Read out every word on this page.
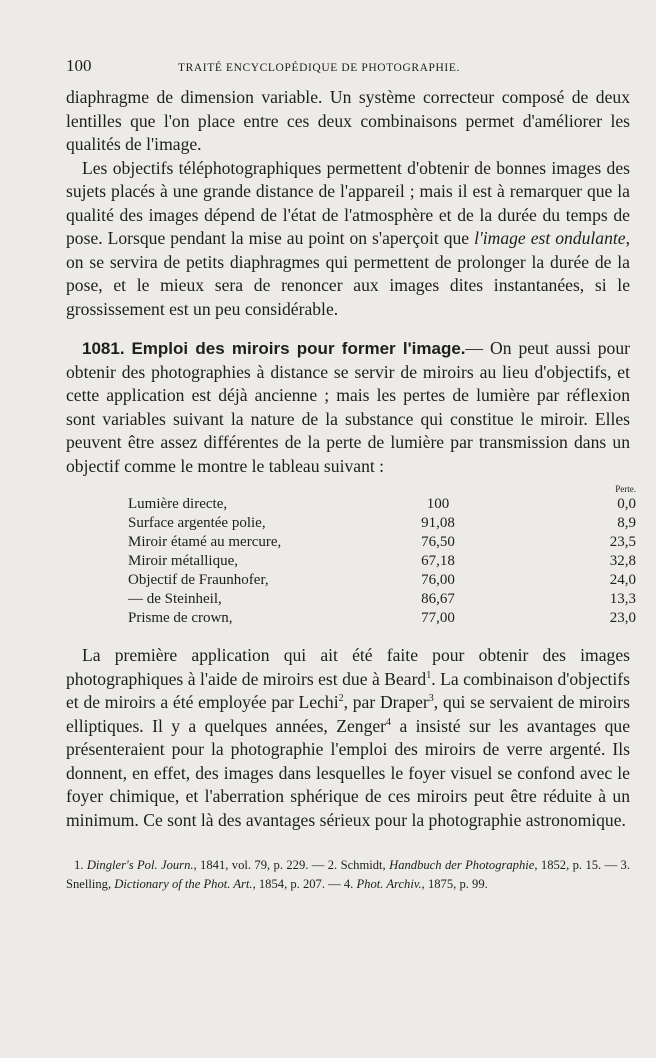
100	TRAITÉ ENCYCLOPÉDIQUE DE PHOTOGRAPHIE.

diaphragme de dimension variable. Un système correcteur composé de deux lentilles que l'on place entre ces deux combinaisons permet d'améliorer les qualités de l'image.

Les objectifs téléphotographiques permettent d'obtenir de bonnes images des sujets placés à une grande distance de l'appareil ; mais il est à remarquer que la qualité des images dépend de l'état de l'atmosphère et de la durée du temps de pose. Lorsque pendant la mise au point on s'aperçoit que l'image est ondulante, on se servira de petits diaphragmes qui permettent de prolonger la durée de la pose, et le mieux sera de renoncer aux images dites instantanées, si le grossissement est un peu considérable.

1081. Emploi des miroirs pour former l'image.— On peut aussi pour obtenir des photographies à distance se servir de miroirs au lieu d'objectifs, et cette application est déjà ancienne ; mais les pertes de lumière par réflexion sont variables suivant la nature de la substance qui constitue le miroir. Elles peuvent être assez différentes de la perte de lumière par transmission dans un objectif comme le montre le tableau suivant :

Perte.
Lumière directe,	100	0,0
Surface argentée polie,	91,08	8,9
Miroir étamé au mercure,	76,50	23,5
Miroir métallique,	67,18	32,8
Objectif de Fraunhofer,	76,00	24,0
— de Steinheil,	86,67	13,3
Prisme de crown,	77,00	23,0

La première application qui ait été faite pour obtenir des images photographiques à l'aide de miroirs est due à Beard$^1$. La combinaison d'objectifs et de miroirs a été employée par Lechi$^2$, par Draper$^3$, qui se servaient de miroirs elliptiques. Il y a quelques années, Zenger$^4$ a insisté sur les avantages que présenteraient pour la photographie l'emploi des miroirs de verre argenté. Ils donnent, en effet, des images dans lesquelles le foyer visuel se confond avec le foyer chimique, et l'aberration sphérique de ces miroirs peut être réduite à un minimum. Ce sont là des avantages sérieux pour la photographie astronomique.

1. Dingler's Pol. Journ., 1841, vol. 79, p. 229. — 2. Schmidt, Handbuch der Photographie, 1852, p. 15. — 3. Snelling, Dictionary of the Phot. Art., 1854, p. 207. — 4. Phot. Archiv., 1875, p. 99.
